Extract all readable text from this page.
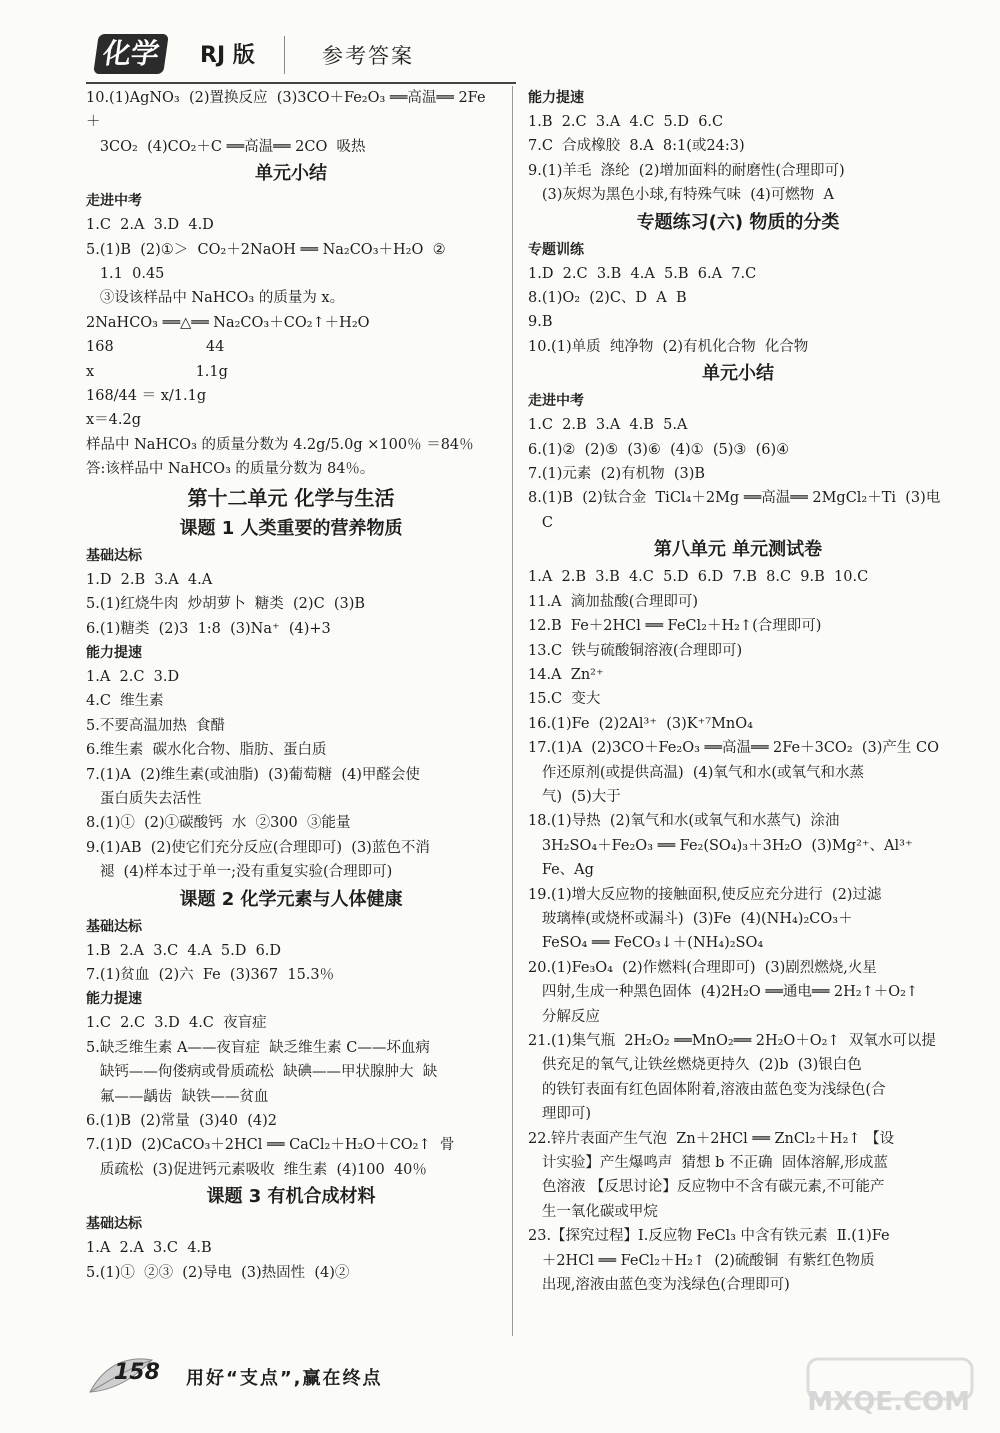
化学	RJ 版	参考答案
10.(1)AgNO₃  (2)置换反应  (3)3CO＋Fe₂O₃ ══高温══ 2Fe＋
3CO₂  (4)CO₂＋C ══高温══ 2CO  吸热
单元小结
走进中考
1.C  2.A  3.D  4.D
5.(1)B  (2)①＞  CO₂＋2NaOH ══ Na₂CO₃＋H₂O  ②
1.1  0.45
③设该样品中 NaHCO₃ 的质量为 x。
2NaHCO₃ ══△══ Na₂CO₃＋CO₂↑＋H₂O
168                    44
x                      1.1g
168/44 ＝ x/1.1g
x＝4.2g
样品中 NaHCO₃ 的质量分数为 4.2g/5.0g ×100％ ＝84％
答:该样品中 NaHCO₃ 的质量分数为 84％。
第十二单元 化学与生活
课题 1 人类重要的营养物质
基础达标
1.D  2.B  3.A  4.A
5.(1)红烧牛肉  炒胡萝卜  糖类  (2)C  (3)B
6.(1)糖类  (2)3  1:8  (3)Na⁺  (4)+3
能力提速
1.A  2.C  3.D
4.C  维生素
5.不要高温加热  食醋
6.维生素  碳水化合物、脂肪、蛋白质
7.(1)A  (2)维生素(或油脂)  (3)葡萄糖  (4)甲醛会使
蛋白质失去活性
8.(1)①  (2)①碳酸钙  水  ②300  ③能量
9.(1)AB  (2)使它们充分反应(合理即可)  (3)蓝色不消
褪  (4)样本过于单一;没有重复实验(合理即可)
课题 2 化学元素与人体健康
基础达标
1.B  2.A  3.C  4.A  5.D  6.D
7.(1)贫血  (2)六  Fe  (3)367  15.3％
能力提速
1.C  2.C  3.D  4.C  夜盲症
5.缺乏维生素 A——夜盲症  缺乏维生素 C——坏血病
缺钙——佝偻病或骨质疏松  缺碘——甲状腺肿大  缺
氟——龋齿  缺铁——贫血
6.(1)B  (2)常量  (3)40  (4)2
7.(1)D  (2)CaCO₃＋2HCl ══ CaCl₂＋H₂O＋CO₂↑  骨
质疏松  (3)促进钙元素吸收  维生素  (4)100  40％
课题 3 有机合成材料
基础达标
1.A  2.A  3.C  4.B
5.(1)①  ②③  (2)导电  (3)热固性  (4)②
能力提速
1.B  2.C  3.A  4.C  5.D  6.C
7.C  合成橡胶  8.A  8:1(或24:3)
9.(1)羊毛  涤纶  (2)增加面料的耐磨性(合理即可)
(3)灰烬为黑色小球,有特殊气味  (4)可燃物  A
专题练习(六) 物质的分类
专题训练
1.D  2.C  3.B  4.A  5.B  6.A  7.C
8.(1)O₂  (2)C、D  A  B
9.B
10.(1)单质  纯净物  (2)有机化合物  化合物
单元小结
走进中考
1.C  2.B  3.A  4.B  5.A
6.(1)②  (2)⑤  (3)⑥  (4)①  (5)③  (6)④
7.(1)元素  (2)有机物  (3)B
8.(1)B  (2)钛合金  TiCl₄＋2Mg ══高温══ 2MgCl₂＋Ti  (3)电
C
第八单元 单元测试卷
1.A  2.B  3.B  4.C  5.D  6.D  7.B  8.C  9.B  10.C
11.A  滴加盐酸(合理即可)
12.B  Fe＋2HCl ══ FeCl₂＋H₂↑(合理即可)
13.C  铁与硫酸铜溶液(合理即可)
14.A  Zn²⁺
15.C  变大
16.(1)Fe  (2)2Al³⁺  (3)K⁺⁷MnO₄
17.(1)A  (2)3CO＋Fe₂O₃ ══高温══ 2Fe＋3CO₂  (3)产生 CO
作还原剂(或提供高温)  (4)氧气和水(或氧气和水蒸
气)  (5)大于
18.(1)导热  (2)氧气和水(或氧气和水蒸气)  涂油
3H₂SO₄＋Fe₂O₃ ══ Fe₂(SO₄)₃＋3H₂O  (3)Mg²⁺、Al³⁺
Fe、Ag
19.(1)增大反应物的接触面积,使反应充分进行  (2)过滤
玻璃棒(或烧杯或漏斗)  (3)Fe  (4)(NH₄)₂CO₃＋
FeSO₄ ══ FeCO₃↓＋(NH₄)₂SO₄
20.(1)Fe₃O₄  (2)作燃料(合理即可)  (3)剧烈燃烧,火星
四射,生成一种黑色固体  (4)2H₂O ══通电══ 2H₂↑＋O₂↑
分解反应
21.(1)集气瓶  2H₂O₂ ══MnO₂══ 2H₂O＋O₂↑  双氧水可以提
供充足的氧气,让铁丝燃烧更持久  (2)b  (3)银白色
的铁钉表面有红色固体附着,溶液由蓝色变为浅绿色(合
理即可)
22.锌片表面产生气泡  Zn＋2HCl ══ ZnCl₂＋H₂↑ 【设
计实验】产生爆鸣声  猜想 b 不正确  固体溶解,形成蓝
色溶液 【反思讨论】反应物中不含有碳元素,不可能产
生一氧化碳或甲烷
23.【探究过程】Ⅰ.反应物 FeCl₃ 中含有铁元素  Ⅱ.(1)Fe
＋2HCl ══ FeCl₂＋H₂↑  (2)硫酸铜  有紫红色物质
出现,溶液由蓝色变为浅绿色(合理即可)
158 用好“支点”,赢在终点
MXQE.COM
